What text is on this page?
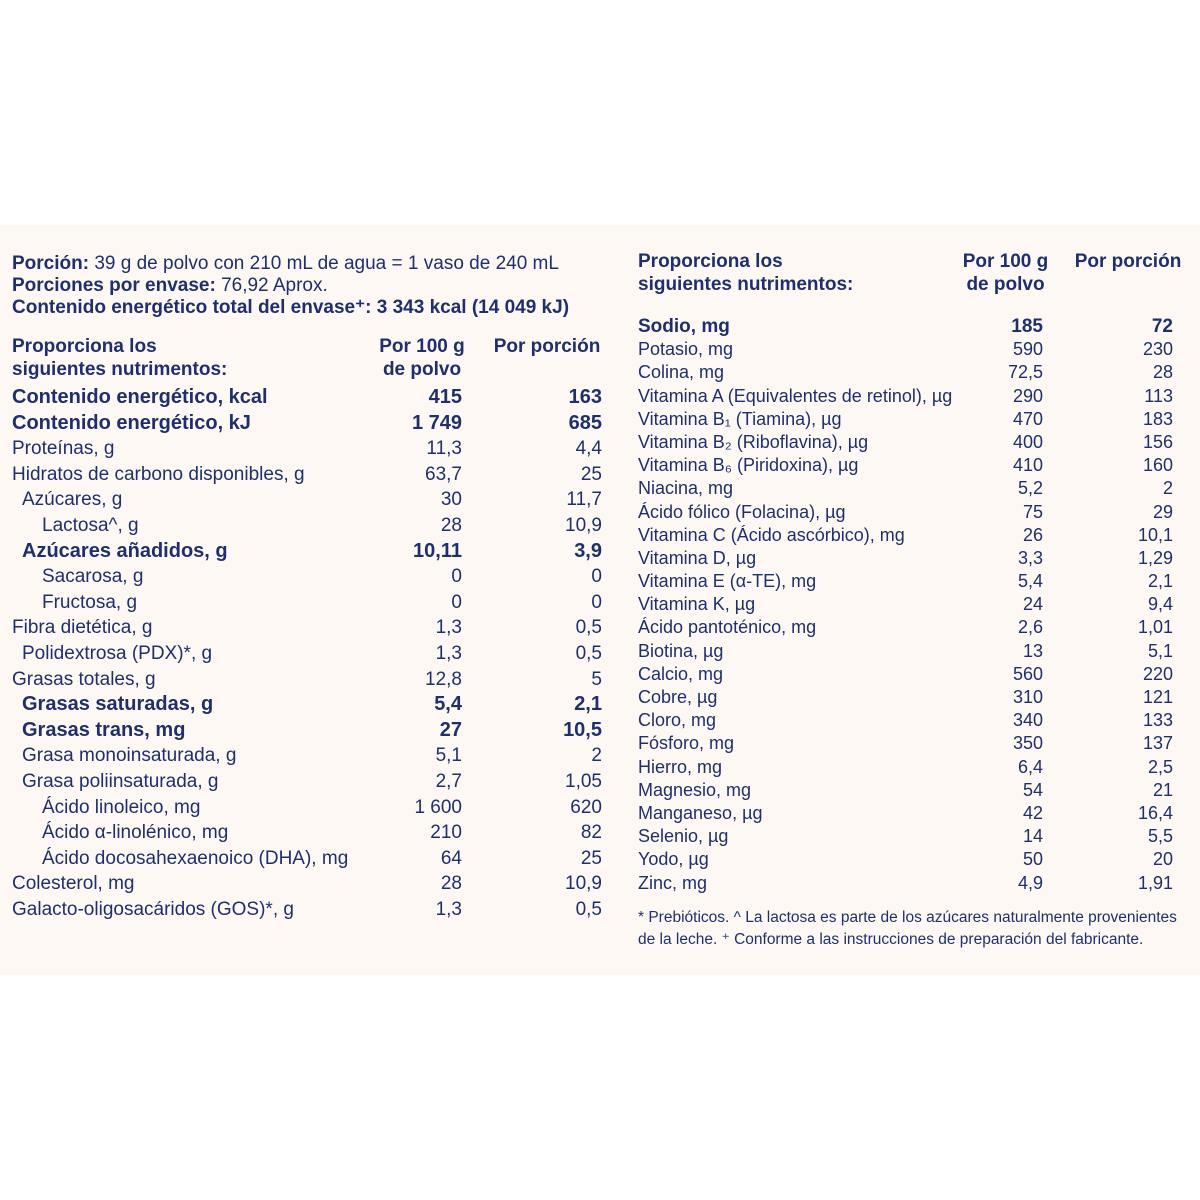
Porción: 39 g de polvo con 210 mL de agua = 1 vaso de 240 mL
Porciones por envase: 76,92 Aprox.
Contenido energético total del envase⁺: 3 343 kcal (14 049 kJ)
Proporciona los
siguientes nutrimentos:
Por 100 g
de polvo
Por porción
Contenido energético, kcal	415	163
Contenido energético, kJ	1 749	685
Proteínas, g	11,3	4,4
Hidratos de carbono disponibles, g	63,7	25
Azúcares, g	30	11,7
Lactosa^, g	28	10,9
Azúcares añadidos, g	10,11	3,9
Sacarosa, g	0	0
Fructosa, g	0	0
Fibra dietética, g	1,3	0,5
Polidextrosa (PDX)*, g	1,3	0,5
Grasas totales, g	12,8	5
Grasas saturadas, g	5,4	2,1
Grasas trans, mg	27	10,5
Grasa monoinsaturada, g	5,1	2
Grasa poliinsaturada, g	2,7	1,05
Ácido linoleico, mg	1 600	620
Ácido α-linolénico, mg	210	82
Ácido docosahexaenoico (DHA), mg	64	25
Colesterol, mg	28	10,9
Galacto-oligosacáridos (GOS)*, g	1,3	0,5
Proporciona los
siguientes nutrimentos:
Por 100 g
de polvo
Por porción
Sodio, mg	185	72
Potasio, mg	590	230
Colina, mg	72,5	28
Vitamina A (Equivalentes de retinol), µg	290	113
Vitamina B₁ (Tiamina), µg	470	183
Vitamina B₂ (Riboflavina), µg	400	156
Vitamina B₆ (Piridoxina), µg	410	160
Niacina, mg	5,2	2
Ácido fólico (Folacina), µg	75	29
Vitamina C (Ácido ascórbico), mg	26	10,1
Vitamina D, µg	3,3	1,29
Vitamina E (α-TE), mg	5,4	2,1
Vitamina K, µg	24	9,4
Ácido pantoténico, mg	2,6	1,01
Biotina, µg	13	5,1
Calcio, mg	560	220
Cobre, µg	310	121
Cloro, mg	340	133
Fósforo, mg	350	137
Hierro, mg	6,4	2,5
Magnesio, mg	54	21
Manganeso, µg	42	16,4
Selenio, µg	14	5,5
Yodo, µg	50	20
Zinc, mg	4,9	1,91
* Prebióticos. ^ La lactosa es parte de los azúcares naturalmente provenientes de la leche. ⁺ Conforme a las instrucciones de preparación del fabricante.
